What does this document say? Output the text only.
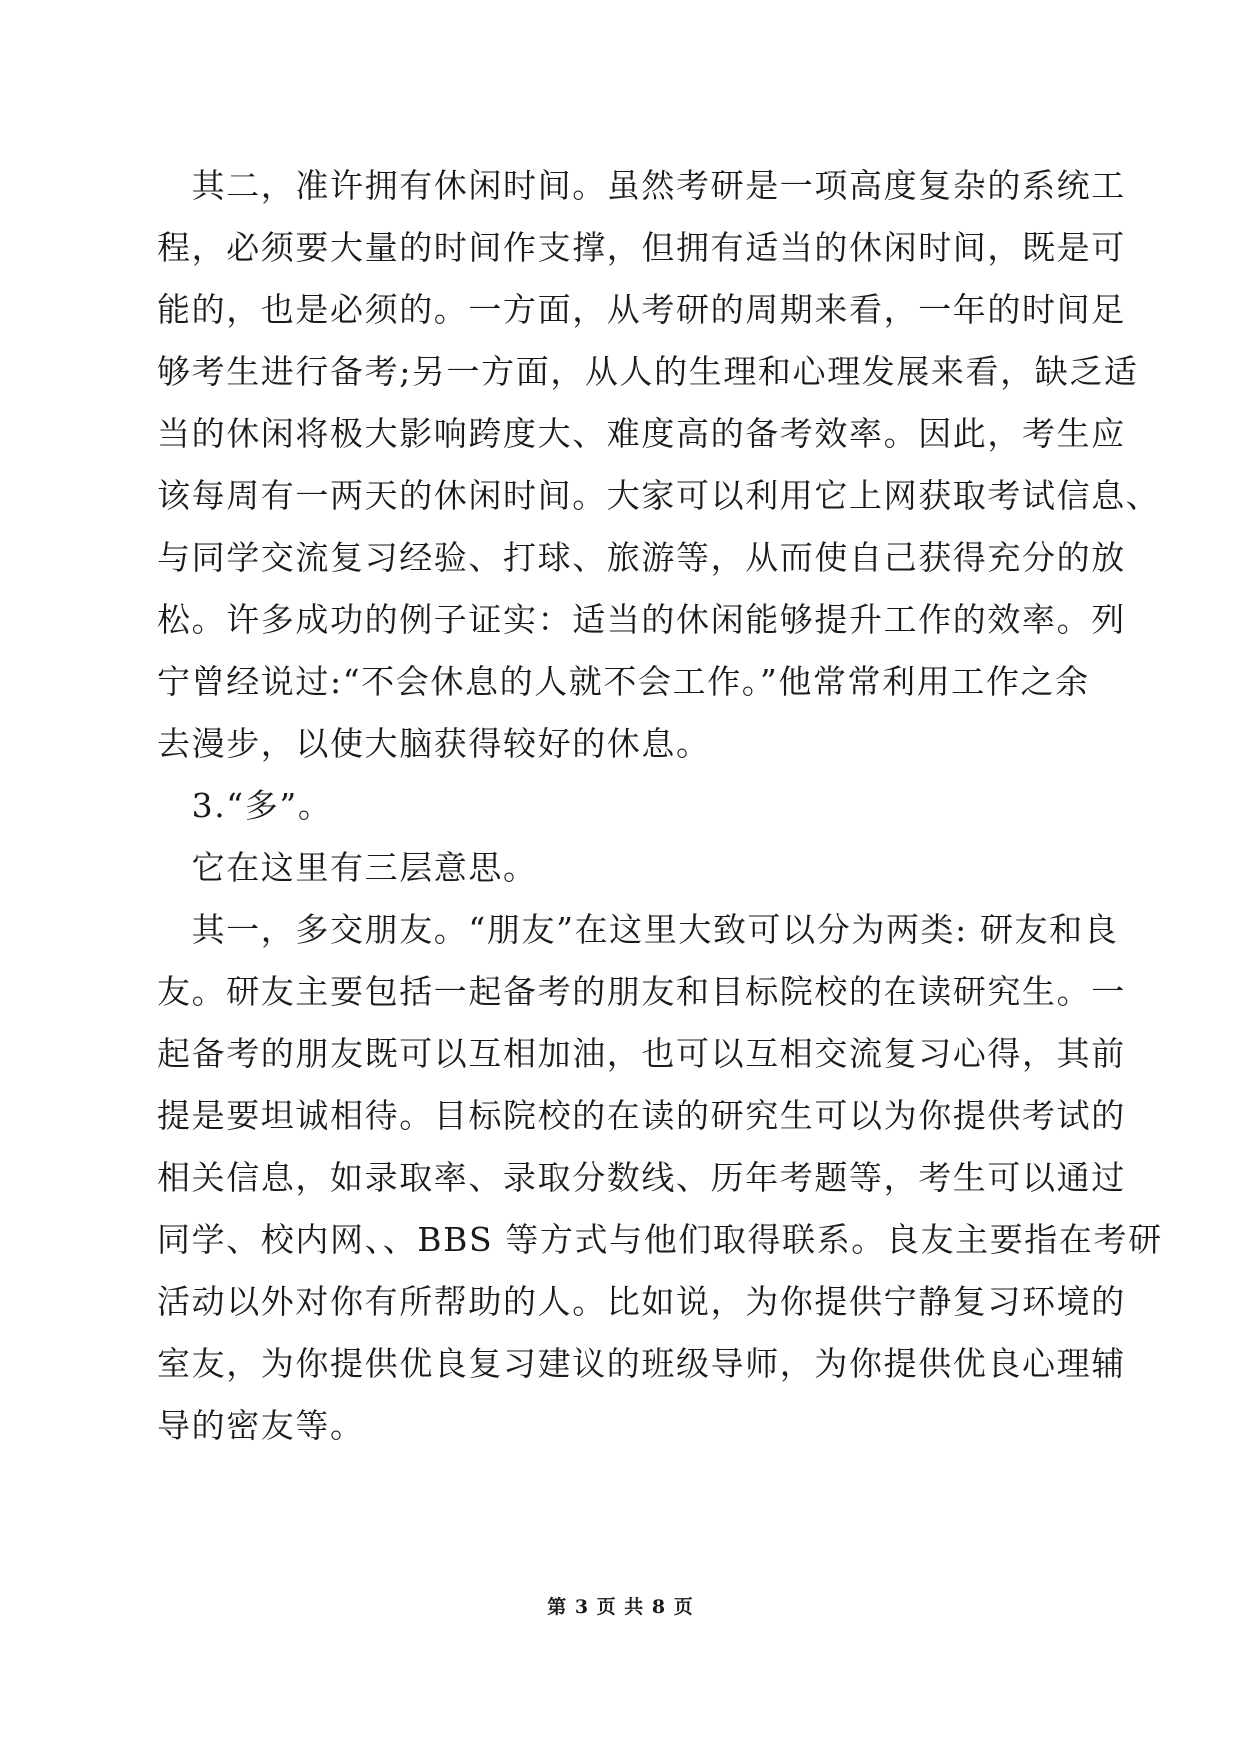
　其二，准许拥有休闲时间。虽然考研是一项高度复杂的系统工
程，必须要大量的时间作支撑，但拥有适当的休闲时间，既是可
能的，也是必须的。一方面，从考研的周期来看，一年的时间足
够考生进行备考;另一方面，从人的生理和心理发展来看，缺乏适
当的休闲将极大影响跨度大、难度高的备考效率。因此，考生应
该每周有一两天的休闲时间。大家可以利用它上网获取考试信息、
与同学交流复习经验、打球、旅游等，从而使自己获得充分的放
松。许多成功的例子证实：适当的休闲能够提升工作的效率。列
宁曾经说过:“不会休息的人就不会工作。”他常常利用工作之余
去漫步，以使大脑获得较好的休息。
　3.“多”。
　它在这里有三层意思。
　其一，多交朋友。“朋友”在这里大致可以分为两类: 研友和良
友。研友主要包括一起备考的朋友和目标院校的在读研究生。一
起备考的朋友既可以互相加油，也可以互相交流复习心得，其前
提是要坦诚相待。目标院校的在读的研究生可以为你提供考试的
相关信息，如录取率、录取分数线、历年考题等，考生可以通过
同学、校内网、、BBS 等方式与他们取得联系。良友主要指在考研
活动以外对你有所帮助的人。比如说，为你提供宁静复习环境的
室友，为你提供优良复习建议的班级导师，为你提供优良心理辅
导的密友等。
第 3 页 共 8 页
